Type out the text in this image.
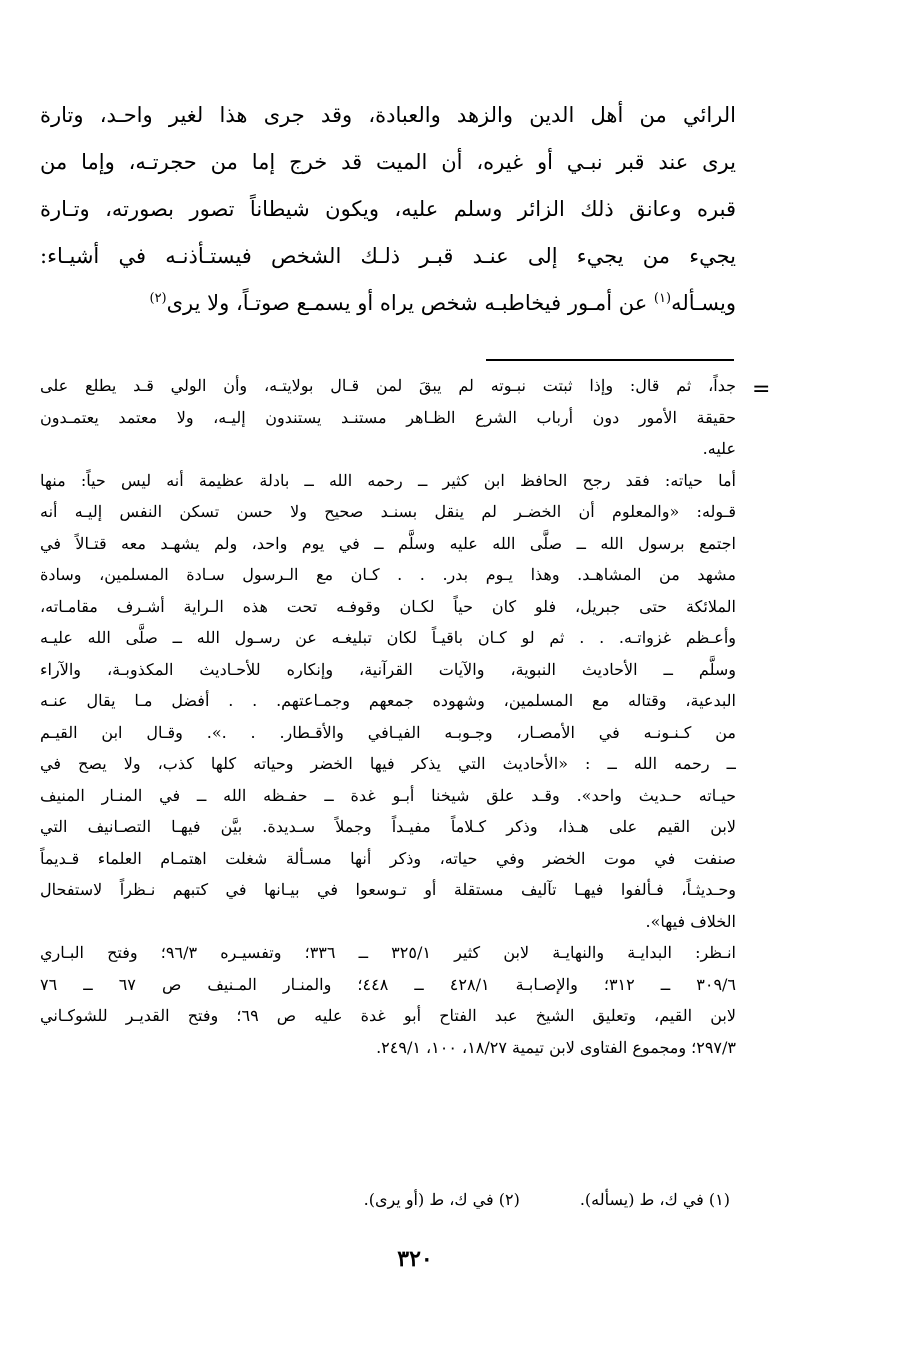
الرائي من أهل الدين والزهد والعبادة، وقد جرى هذا لغير واحـد، وتارة
يرى عند قبر نبـي أو غيره، أن الميت قد خرج إما من حجرتـه، وإما من
قبره وعانق ذلك الزائر وسلم عليه، ويكون شيطاناً تصور بصورته، وتـارة
يجيء من يجيء إلى عنـد قبـر ذلـك الشخص فيستـأذنـه في أشيـاء:
ويسـأله$^{(١)}$ عن أمـور فيخاطبـه شخص يراه أو يسمـع صوتـاً، ولا يرى$^{(٢)}$
=
جداً، ثم قال: وإذا ثبتت نبـوته لم يبقَ لمن قـال بولايتـه، وأن الولي قـد يطلع على
حقيقة الأمور دون أرباب الشرع الظـاهر مستنـد يستندون إليـه، ولا معتمد يعتمـدون
عليه.
أما حياته: فقد رجح الحافظ ابن كثير ــ رحمه الله ــ بادلة عظيمة أنه ليس حياً: منها
قـوله: «والمعلوم أن الخضـر لم ينقل بسنـد صحيح ولا حسن تسكن النفس إليـه أنه
اجتمع برسول الله ــ صلَّى الله عليه وسلَّم ــ في يوم واحد، ولم يشهـد معه قتـالاً في
مشهد من المشاهـد. وهذا يـوم بدر. . . كـان مع الـرسول سـادة المسلمين، وسادة
الملائكة حتى جبريل، فلو كان حياً لكـان وقوفـه تحت هذه الـراية أشـرف مقامـاته،
وأعـظم غزواتـه. . . ثم لو كـان باقيـاً لكان تبليغـه عن رسـول الله ــ صلَّى الله عليـه
وسلَّم ــ الأحاديث النبوية، والآيات القرآنية، وإنكاره للأحـاديث المكذوبـة، والآراء
البدعية، وقتاله مع المسلمين، وشهوده جمعهم وجمـاعتهم. . . أفضل مـا يقال عنـه
من كـنـونـه في الأمصـار، وجـوبـه الفيـافي والأقـطار. . .». وقـال ابن القيـم
ــ رحمه الله ــ : «الأحاديث التي يذكر فيها الخضر وحياته كلها كذب، ولا يصح في
حيـاته حـديث واحد». وقـد علق شيخنا أبـو غدة ــ حفـظه الله ــ في المنـار المنيف
لابن القيم على هـذا، وذكر كـلاماً مفيـداً وجملاً سـديدة. بيَّن فيهـا التصـانيف التي
صنفت في موت الخضر وفي حياته، وذكر أنها مسـألة شغلت اهتمـام العلماء قـديماً
وحـديثـاً، فـألفوا فيهـا تآليف مستقلة أو تـوسعوا في بيـانها في كتبهم نـظراً لاستفحال
الخلاف فيها».
انـظر: البدايـة والنهايـة لابن كثير ٣٢٥/١ ــ ٣٣٦؛ وتفسيـره ٩٦/٣؛ وفتح البـاري
٣٠٩/٦ ــ ٣١٢؛ والإصـابـة ٤٢٨/١ ــ ٤٤٨؛ والمنـار المـنيف ص ٦٧ ــ ٧٦
لابن القيم، وتعليق الشيخ عبد الفتاح أبو غدة عليه ص ٦٩؛ وفتح القديـر للشوكـاني
٢٩٧/٣؛ ومجموع الفتاوى لابن تيمية ١٨/٢٧، ١٠٠، ٢٤٩/١.
(١) في ك، ط (يسأله).(٢) في ك، ط (أو يرى).
٣٢٠
